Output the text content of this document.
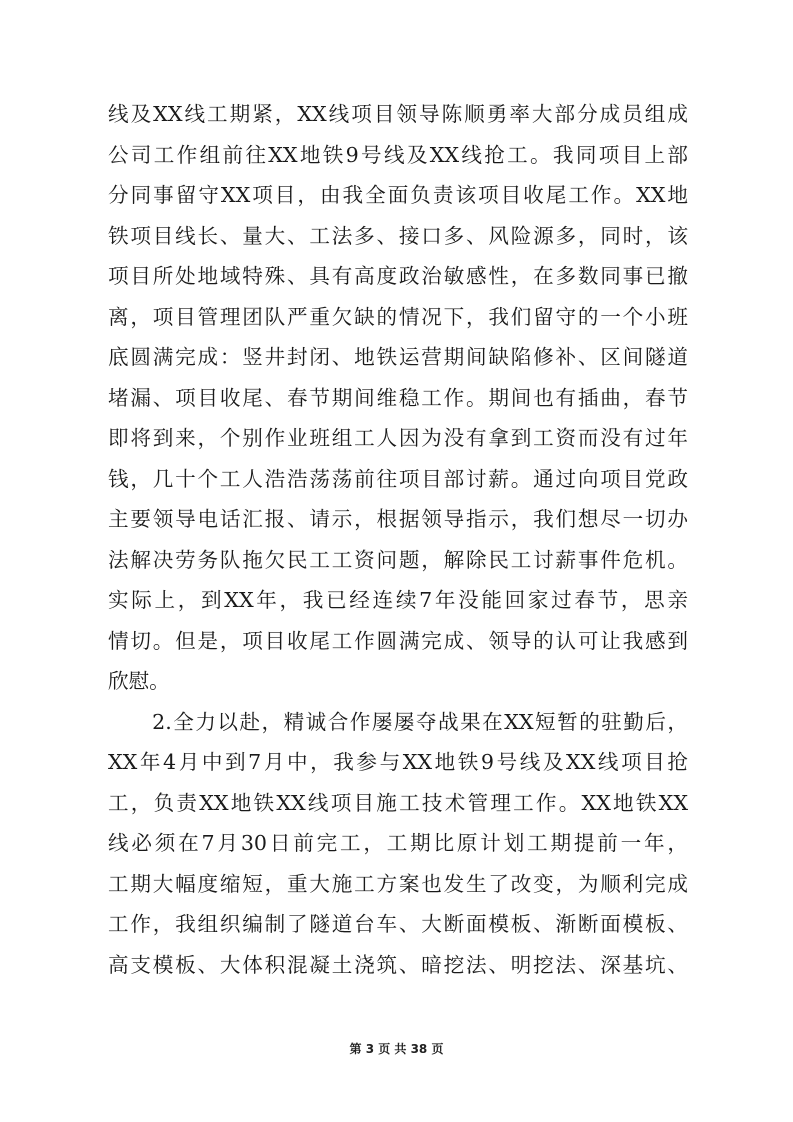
线及XX线工期紧，XX线项目领导陈顺勇率大部分成员组成
公司工作组前往XX地铁9号线及XX线抢工。我同项目上部
分同事留守XX项目，由我全面负责该项目收尾工作。XX地
铁项目线长、量大、工法多、接口多、风险源多，同时，该
项目所处地域特殊、具有高度政治敏感性，在多数同事已撤
离，项目管理团队严重欠缺的情况下，我们留守的一个小班
底圆满完成：竖井封闭、地铁运营期间缺陷修补、区间隧道
堵漏、项目收尾、春节期间维稳工作。期间也有插曲，春节
即将到来，个别作业班组工人因为没有拿到工资而没有过年
钱，几十个工人浩浩荡荡前往项目部讨薪。通过向项目党政
主要领导电话汇报、请示，根据领导指示，我们想尽一切办
法解决劳务队拖欠民工工资问题，解除民工讨薪事件危机。
实际上，到XX年，我已经连续7年没能回家过春节，思亲
情切。但是，项目收尾工作圆满完成、领导的认可让我感到
欣慰。
　　2.全力以赴，精诚合作屡屡夺战果在XX短暂的驻勤后，
XX年4月中到7月中，我参与XX地铁9号线及XX线项目抢
工，负责XX地铁XX线项目施工技术管理工作。XX地铁XX
线必须在7月30日前完工，工期比原计划工期提前一年，
工期大幅度缩短，重大施工方案也发生了改变，为顺利完成
工作，我组织编制了隧道台车、大断面模板、渐断面模板、
高支模板、大体积混凝土浇筑、暗挖法、明挖法、深基坑、
第 3 页 共 38 页
